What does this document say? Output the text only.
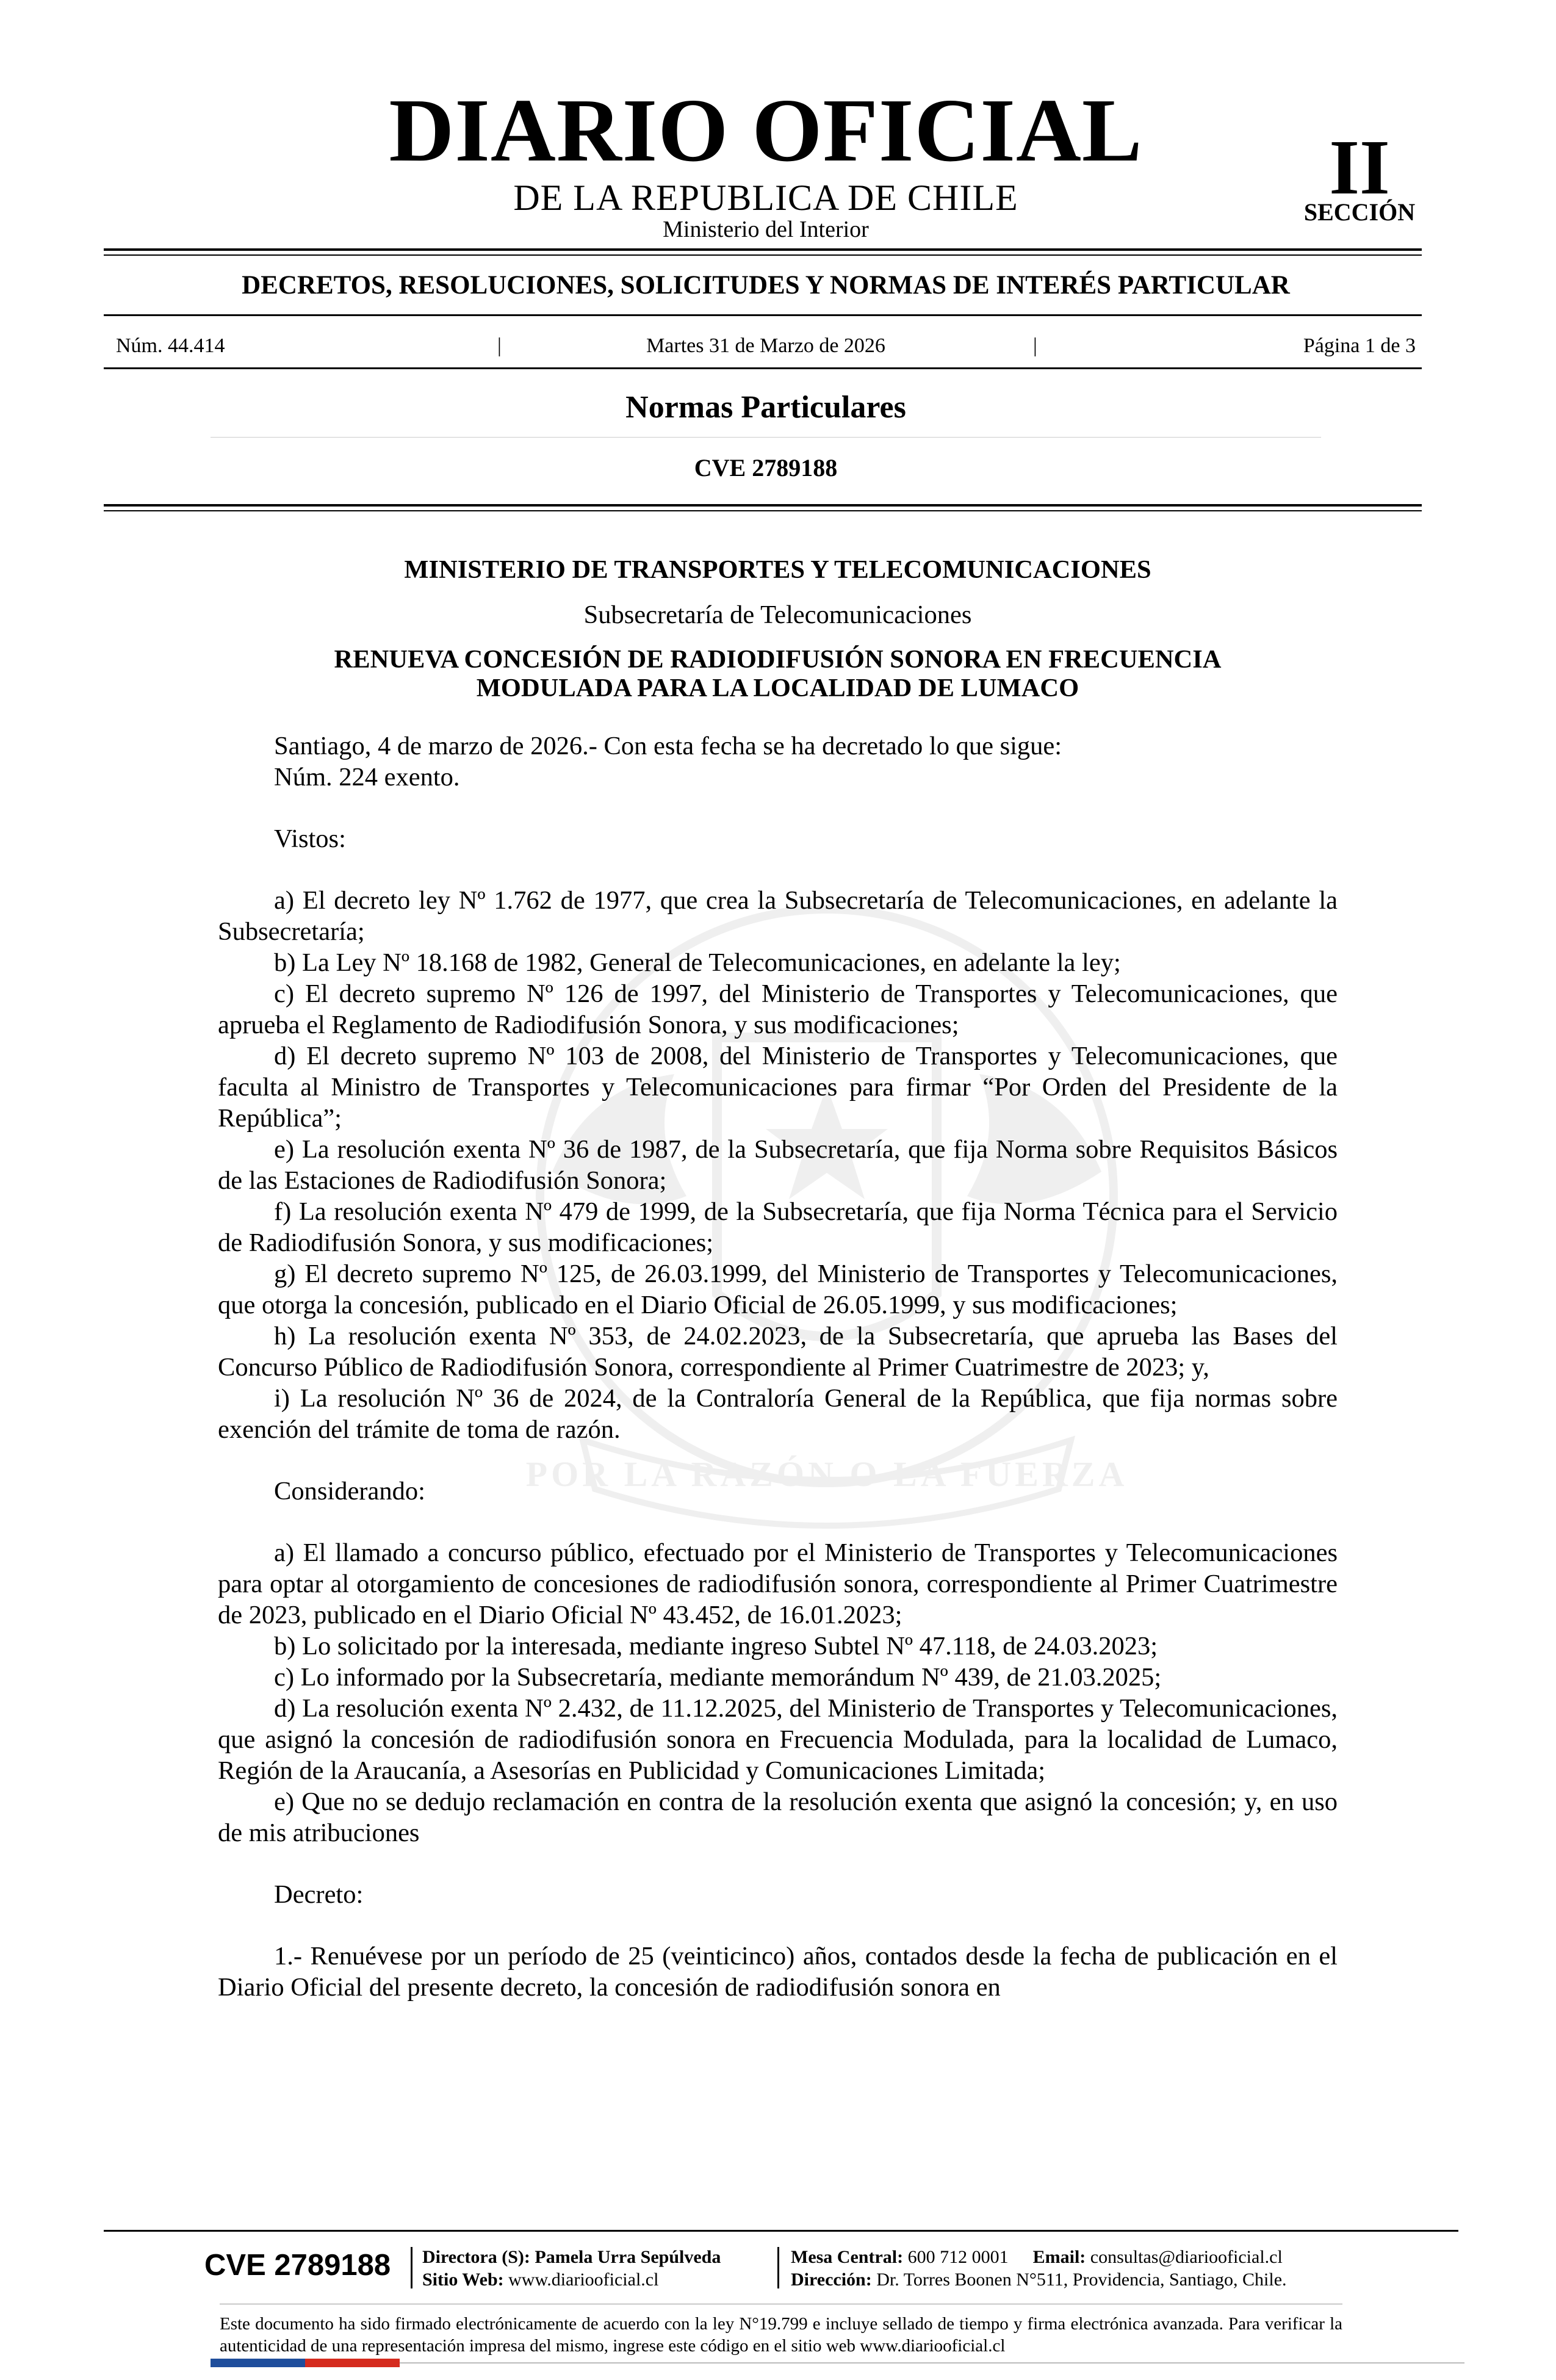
POR LA RAZÓN O LA FUERZA
DIARIO OFICIAL
DE LA REPUBLICA DE CHILE
Ministerio del Interior
II
SECCIÓN
DECRETOS, RESOLUCIONES, SOLICITUDES Y NORMAS DE INTERÉS PARTICULAR
Núm. 44.414	|	Martes 31 de Marzo de 2026	|	Página 1 de 3
Normas Particulares
CVE 2789188

MINISTERIO DE TRANSPORTES Y TELECOMUNICACIONES

Subsecretaría de Telecomunicaciones

RENUEVA CONCESIÓN DE RADIODIFUSIÓN SONORA EN FRECUENCIA

MODULADA PARA LA LOCALIDAD DE LUMACO

Santiago, 4 de marzo de 2026.- Con esta fecha se ha decretado lo que sigue:

Núm. 224 exento.

Vistos:

a) El decreto ley Nº 1.762 de 1977, que crea la Subsecretaría de Telecomunicaciones, en adelante la Subsecretaría;

b) La Ley Nº 18.168 de 1982, General de Telecomunicaciones, en adelante la ley;

c) El decreto supremo Nº 126 de 1997, del Ministerio de Transportes y Telecomunicaciones, que aprueba el Reglamento de Radiodifusión Sonora, y sus modificaciones;

d) El decreto supremo Nº 103 de 2008, del Ministerio de Transportes y Telecomunicaciones, que faculta al Ministro de Transportes y Telecomunicaciones para firmar “Por Orden del Presidente de la República”;

e) La resolución exenta Nº 36 de 1987, de la Subsecretaría, que fija Norma sobre Requisitos Básicos de las Estaciones de Radiodifusión Sonora;

f) La resolución exenta Nº 479 de 1999, de la Subsecretaría, que fija Norma Técnica para el Servicio de Radiodifusión Sonora, y sus modificaciones;

g) El decreto supremo Nº 125, de 26.03.1999, del Ministerio de Transportes y Telecomunicaciones, que otorga la concesión, publicado en el Diario Oficial de 26.05.1999, y sus modificaciones;

h) La resolución exenta Nº 353, de 24.02.2023, de la Subsecretaría, que aprueba las Bases del Concurso Público de Radiodifusión Sonora, correspondiente al Primer Cuatrimestre de 2023; y,

i) La resolución Nº 36 de 2024, de la Contraloría General de la República, que fija normas sobre exención del trámite de toma de razón.

Considerando:

a) El llamado a concurso público, efectuado por el Ministerio de Transportes y Telecomunicaciones para optar al otorgamiento de concesiones de radiodifusión sonora, correspondiente al Primer Cuatrimestre de 2023, publicado en el Diario Oficial Nº 43.452, de 16.01.2023;

b) Lo solicitado por la interesada, mediante ingreso Subtel Nº 47.118, de 24.03.2023;

c) Lo informado por la Subsecretaría, mediante memorándum Nº 439, de 21.03.2025;

d) La resolución exenta Nº 2.432, de 11.12.2025, del Ministerio de Transportes y Telecomunicaciones, que asignó la concesión de radiodifusión sonora en Frecuencia Modulada, para la localidad de Lumaco, Región de la Araucanía, a Asesorías en Publicidad y Comunicaciones Limitada;

e) Que no se dedujo reclamación en contra de la resolución exenta que asignó la concesión; y, en uso de mis atribuciones

Decreto:

1.- Renuévese por un período de 25 (veinticinco) años, contados desde la fecha de publicación en el Diario Oficial del presente decreto, la concesión de radiodifusión sonora en

CVE 2789188 Directora (S): Pamela Urra Sepúlveda
Sitio Web: www.diariooficial.cl
Mesa Central: 600 712 0001 Email: consultas@diariooficial.cl
Dirección: Dr. Torres Boonen N°511, Providencia, Santiago, Chile.
Este documento ha sido firmado electrónicamente de acuerdo con la ley N°19.799 e incluye sellado de tiempo y firma electrónica avanzada. Para verificar la autenticidad de una representación impresa del mismo, ingrese este código en el sitio web www.diariooficial.cl
